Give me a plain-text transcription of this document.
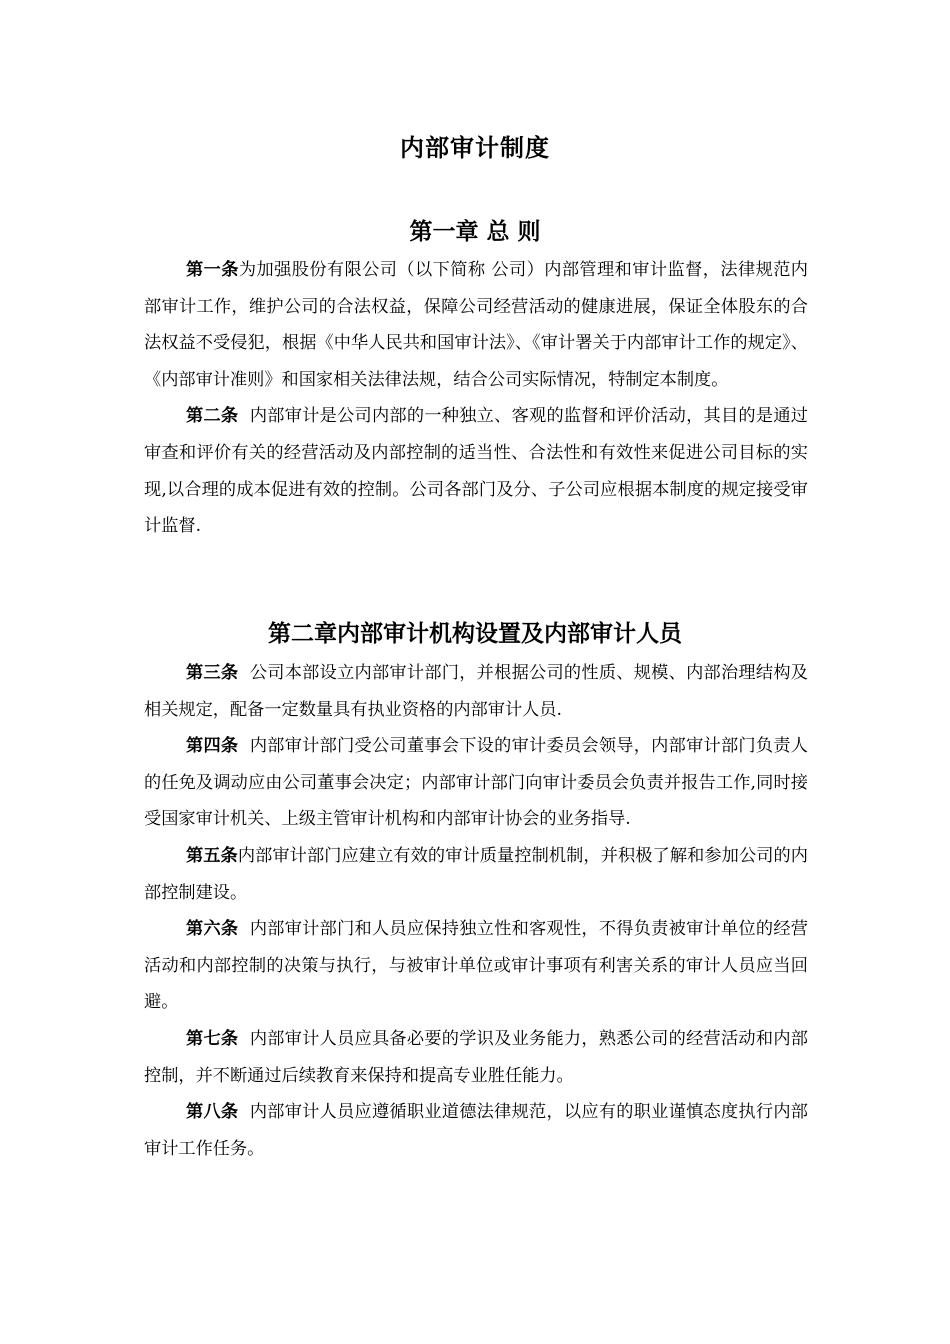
内部审计制度
第一章 总 则

第一条为加强股份有限公司（以下简称 公司）内部管理和审计监督，法律规范内部审计工作，维护公司的合法权益，保障公司经营活动的健康进展，保证全体股东的合法权益不受侵犯，根据《中华人民共和国审计法》、《审计署关于内部审计工作的规定》、《内部审计准则》和国家相关法律法规，结合公司实际情况，特制定本制度。

第二条 内部审计是公司内部的一种独立、客观的监督和评价活动，其目的是通过审查和评价有关的经营活动及内部控制的适当性、合法性和有效性来促进公司目标的实现,以合理的成本促进有效的控制。公司各部门及分、子公司应根据本制度的规定接受审计监督.

第二章内部审计机构设置及内部审计人员

第三条 公司本部设立内部审计部门，并根据公司的性质、规模、内部治理结构及相关规定，配备一定数量具有执业资格的内部审计人员.

第四条 内部审计部门受公司董事会下设的审计委员会领导，内部审计部门负责人的任免及调动应由公司董事会决定；内部审计部门向审计委员会负责并报告工作,同时接受国家审计机关、上级主管审计机构和内部审计协会的业务指导.

第五条内部审计部门应建立有效的审计质量控制机制，并积极了解和参加公司的内部控制建设。

第六条 内部审计部门和人员应保持独立性和客观性，不得负责被审计单位的经营活动和内部控制的决策与执行，与被审计单位或审计事项有利害关系的审计人员应当回避。

第七条 内部审计人员应具备必要的学识及业务能力，熟悉公司的经营活动和内部控制，并不断通过后续教育来保持和提高专业胜任能力。

第八条 内部审计人员应遵循职业道德法律规范，以应有的职业谨慎态度执行内部审计工作任务。
